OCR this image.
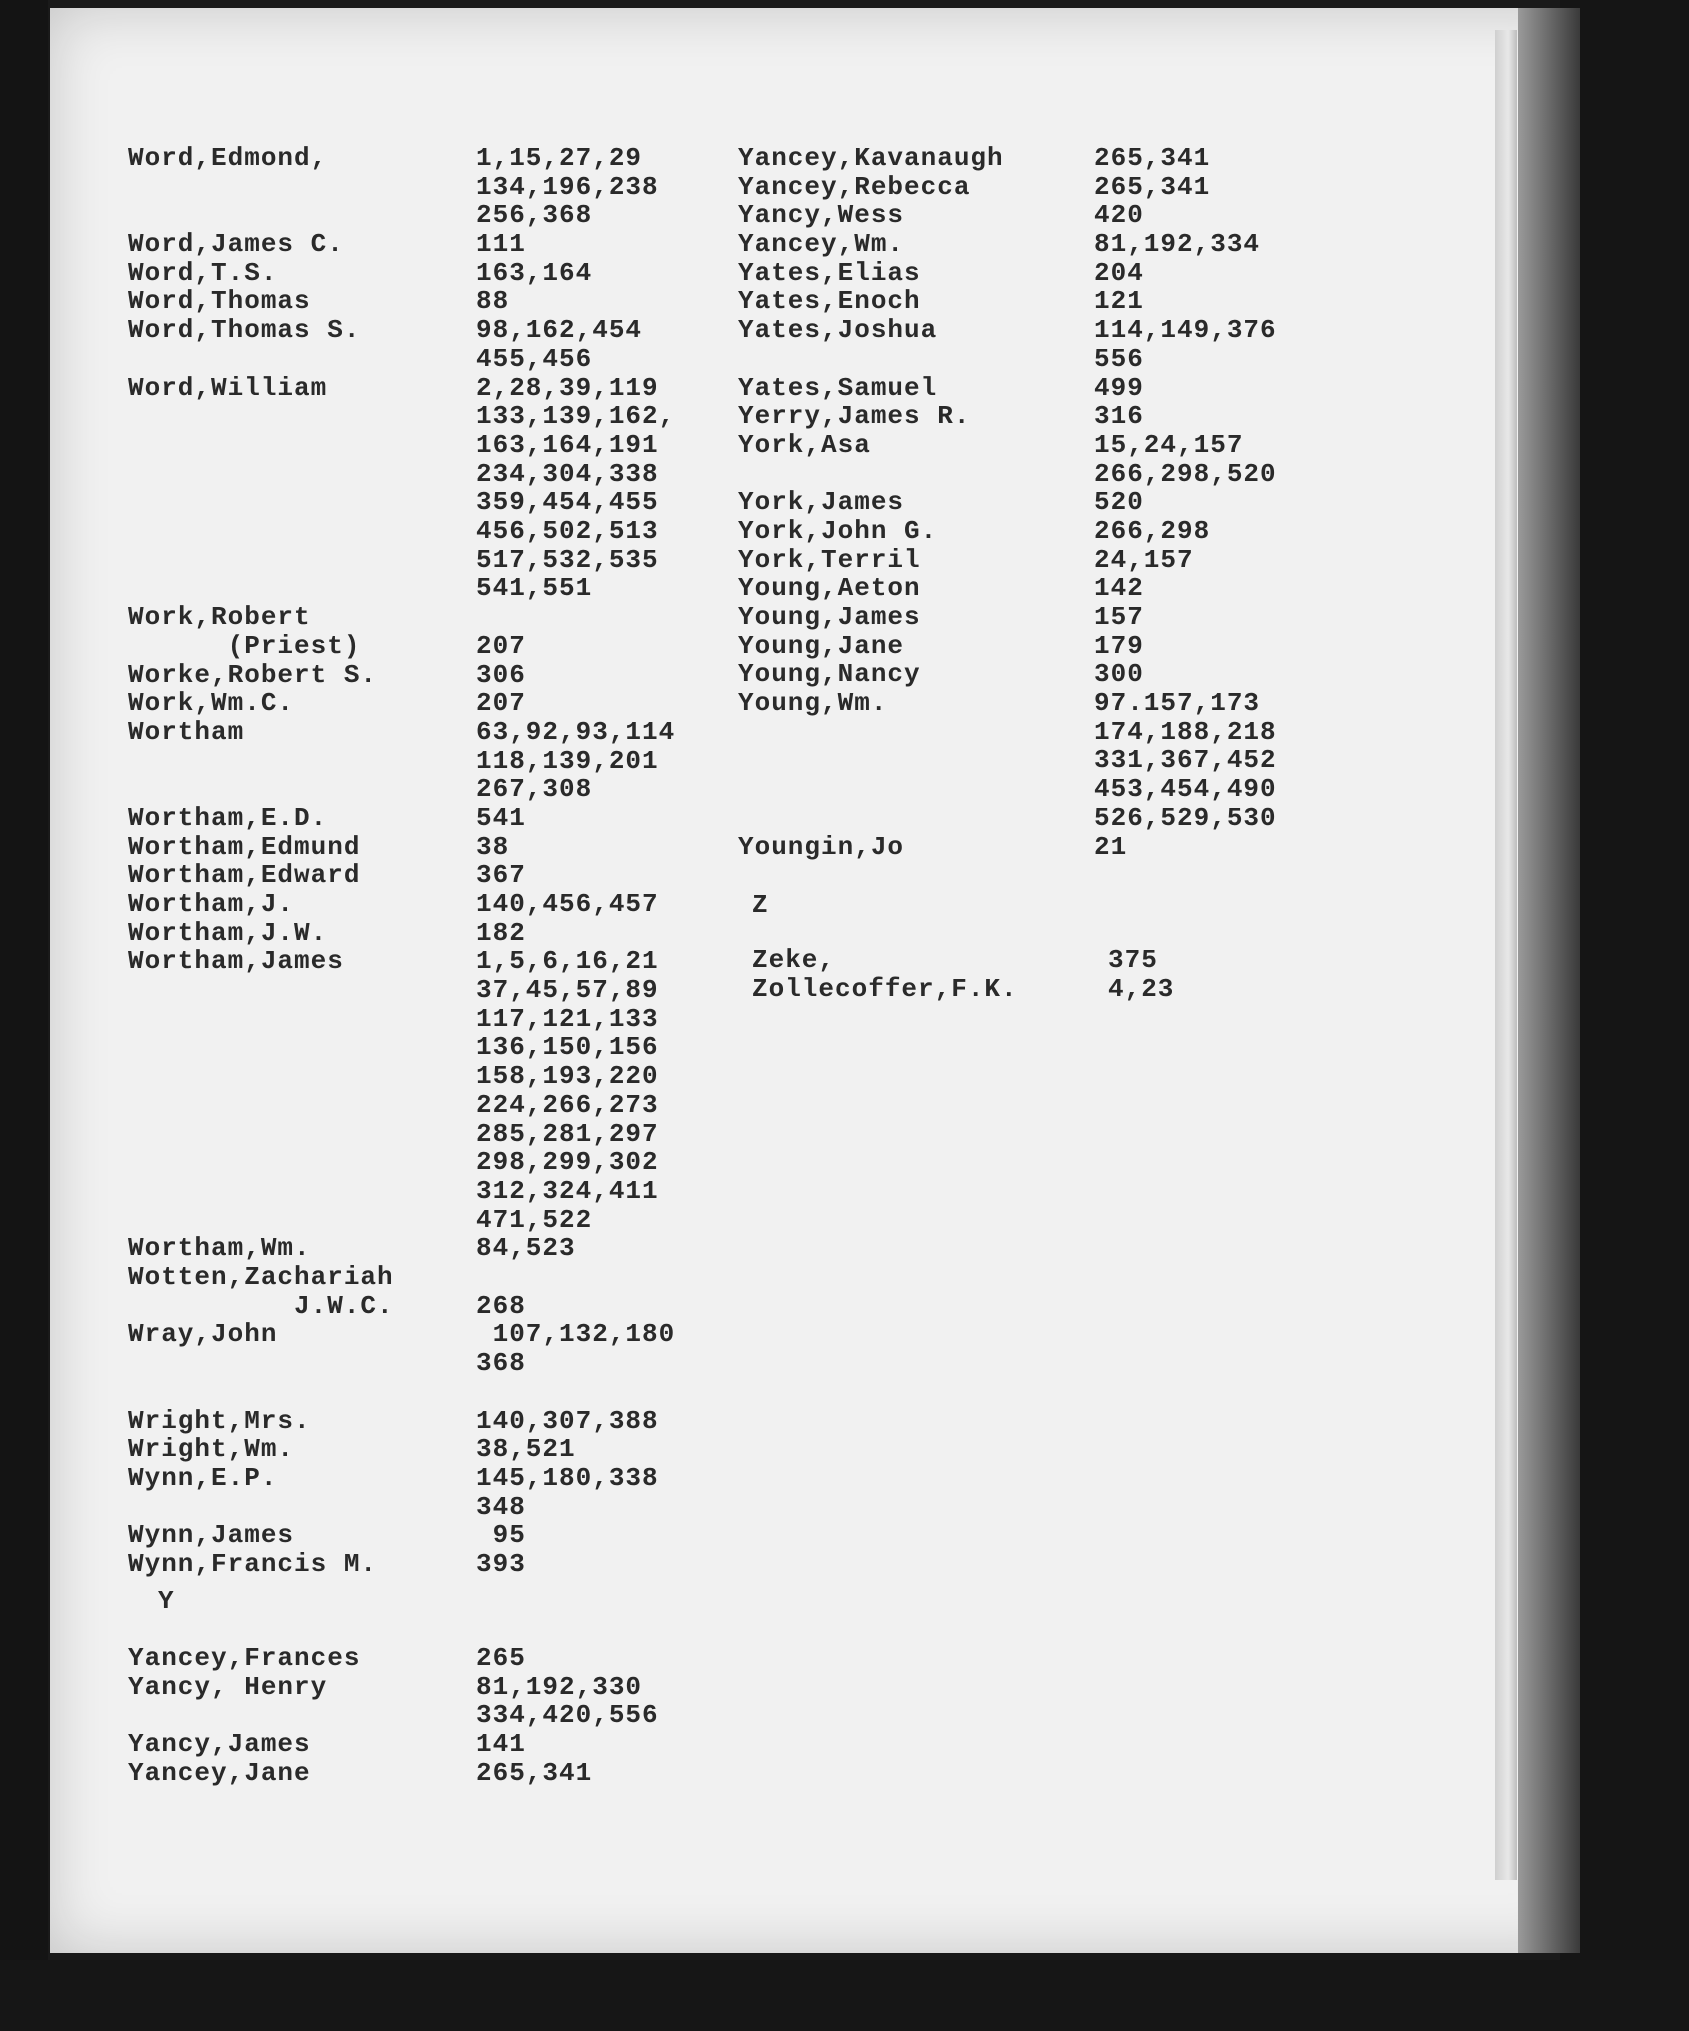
Word,Edmond,	1,15,27,29
134,196,238
256,368
Word,James C.	111
Word,T.S.	163,164
Word,Thomas	88
Word,Thomas S.	98,162,454
455,456
Word,William	2,28,39,119
133,139,162,
163,164,191
234,304,338
359,454,455
456,502,513
517,532,535
541,551
Work,Robert
(Priest)	207
Worke,Robert S.	306
Work,Wm.C.	207
Wortham	63,92,93,114
118,139,201
267,308
Wortham,E.D.	541
Wortham,Edmund	38
Wortham,Edward	367
Wortham,J.	140,456,457
Wortham,J.W.	182
Wortham,James	1,5,6,16,21
37,45,57,89
117,121,133
136,150,156
158,193,220
224,266,273
285,281,297
298,299,302
312,324,411
471,522
Wortham,Wm.	84,523
Wotten,Zachariah
J.W.C.	268
Wray,John	107,132,180
368
Wright,Mrs.	140,307,388
Wright,Wm.	38,521
Wynn,E.P.	145,180,338
348
Wynn,James	95
Wynn,Francis M.	393
Yancey,Kavanaugh	265,341
Yancey,Rebecca	265,341
Yancy,Wess	420
Yancey,Wm.	81,192,334
Yates,Elias	204
Yates,Enoch	121
Yates,Joshua	114,149,376
556
Yates,Samuel	499
Yerry,James R.	316
York,Asa	15,24,157
266,298,520
York,James	520
York,John G.	266,298
York,Terril	24,157
Young,Aeton	142
Young,James	157
Young,Jane	179
Young,Nancy	300
Young,Wm.	97.157,173
174,188,218
331,367,452
453,454,490
526,529,530
Youngin,Jo	21
Y
Yancey,Frances	265
Yancy, Henry	81,192,330
334,420,556
Yancy,James	141
Yancey,Jane	265,341
Z
Zeke,	375
Zollecoffer,F.K.	4,23
